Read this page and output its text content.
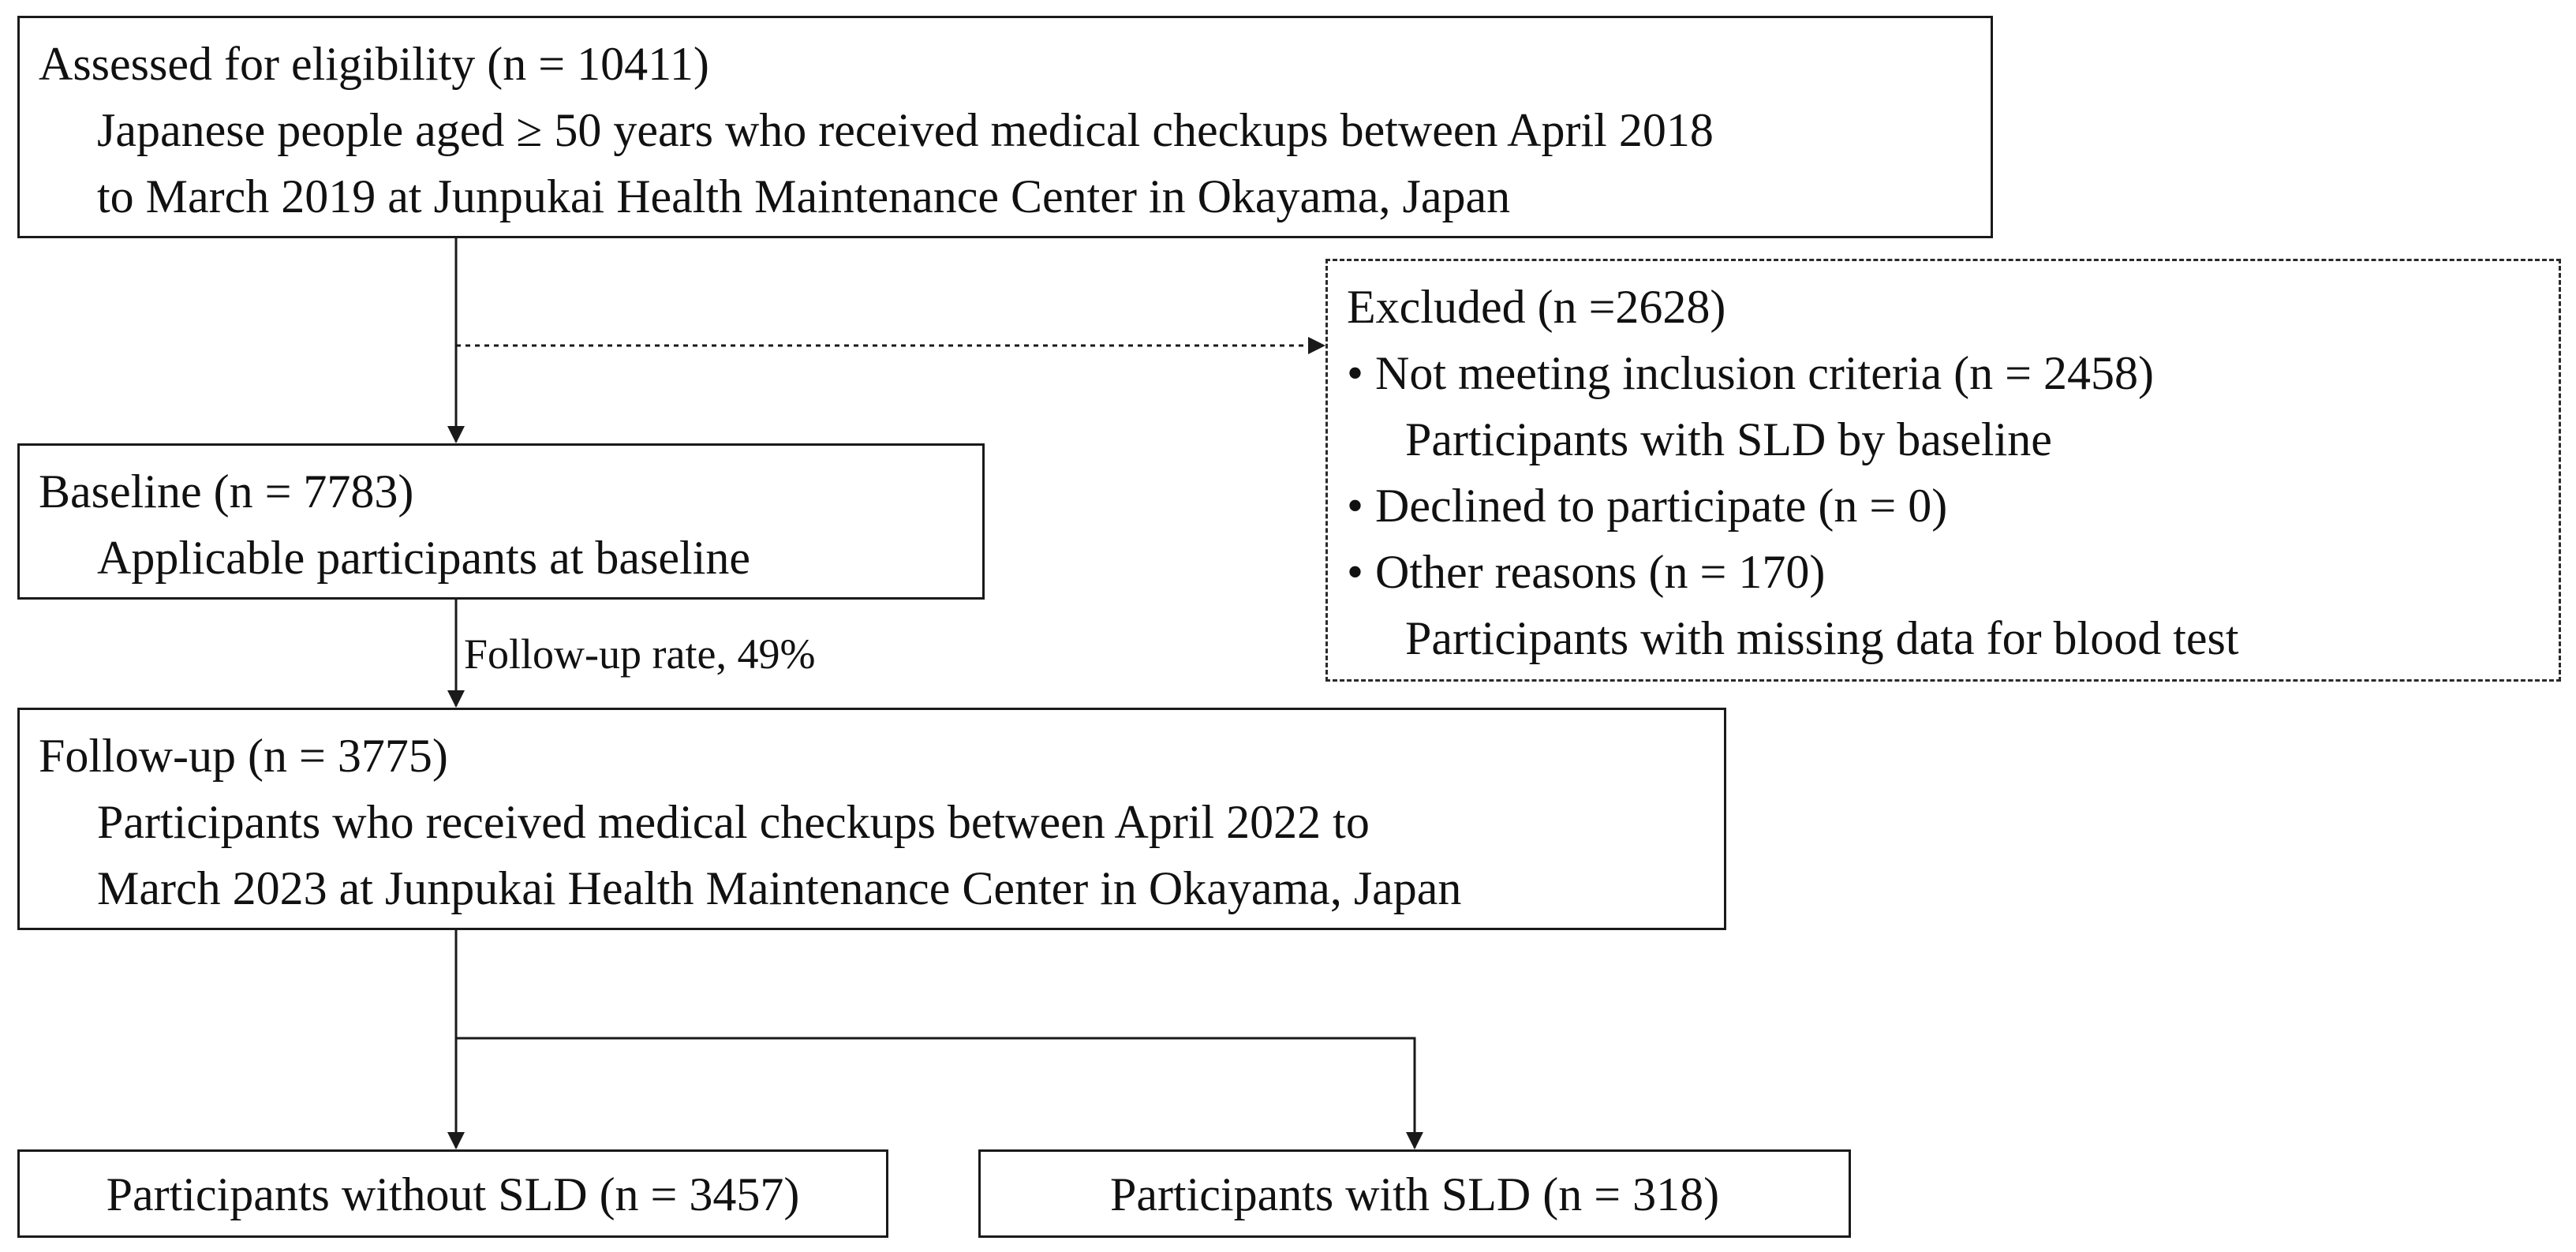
Assessed for eligibility (n = 10411)
Japanese people aged ≥ 50 years who received medical checkups between April 2018
to March 2019 at Junpukai Health Maintenance Center in Okayama, Japan
Excluded (n =2628)
• Not meeting inclusion criteria (n = 2458)
Participants with SLD by baseline
• Declined to participate (n = 0)
• Other reasons (n = 170)
Participants with missing data for blood test
Baseline (n = 7783)
Applicable participants at baseline
Follow-up rate, 49%
Follow-up (n = 3775)
Participants who received medical checkups between April 2022 to
March 2023 at Junpukai Health Maintenance Center in Okayama, Japan
Participants without SLD (n = 3457)	Participants with SLD (n = 318)
